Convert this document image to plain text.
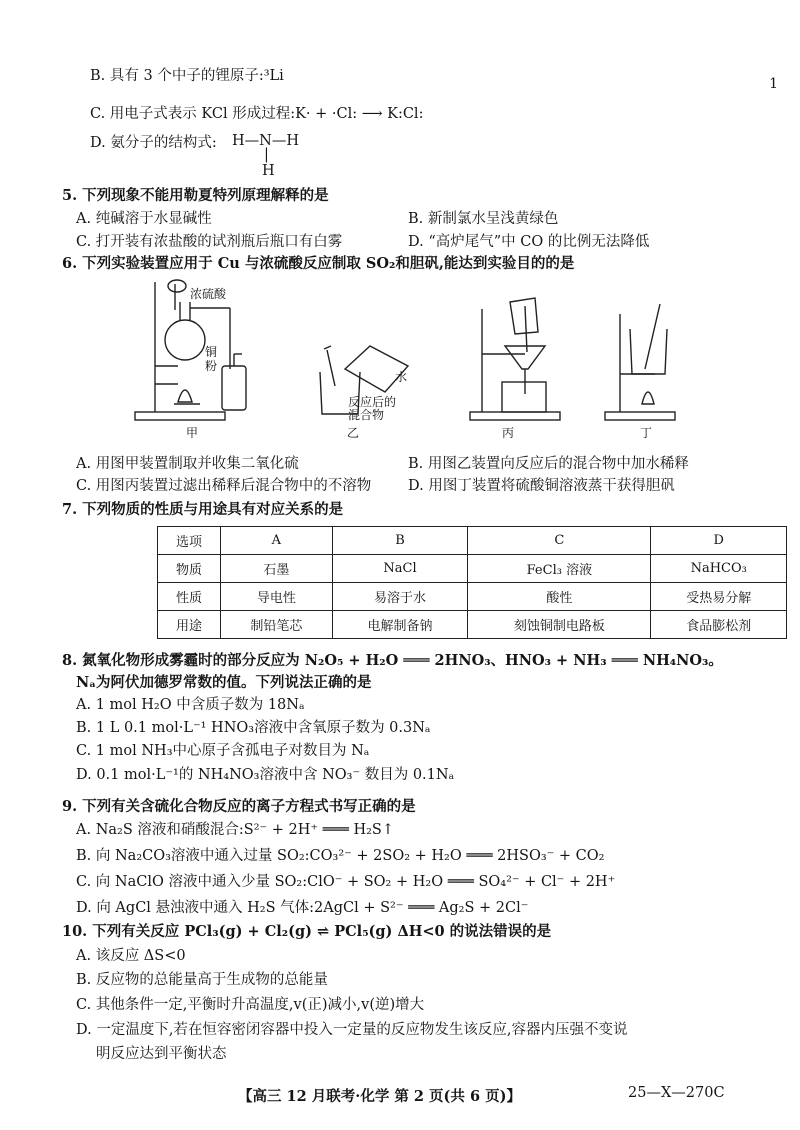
1
B. 具有 3 个中子的锂原子:³Li
C. 用电子式表示 KCl 形成过程:K· + ·Cl: ⟶ K:Cl:
D. 氨分子的结构式: H—N—H
|
H
5. 下列现象不能用勒夏特列原理解释的是
A. 纯碱溶于水显碱性	B. 新制氯水呈浅黄绿色
C. 打开装有浓盐酸的试剂瓶后瓶口有白雾	D. “高炉尾气”中 CO 的比例无法降低
6. 下列实验装置应用于 Cu 与浓硫酸反应制取 SO₂和胆矾,能达到实验目的的是
浓硫酸
铜粉
水
反应后的混合物
甲	乙	丙	丁
A. 用图甲装置制取并收集二氧化硫	B. 用图乙装置向反应后的混合物中加水稀释
C. 用图丙装置过滤出稀释后混合物中的不溶物	D. 用图丁装置将硫酸铜溶液蒸干获得胆矾
7. 下列物质的性质与用途具有对应关系的是
选项	A	B	C	D
物质	石墨	NaCl	FeCl₃ 溶液	NaHCO₃
性质	导电性	易溶于水	酸性	受热易分解
用途	制铅笔芯	电解制备钠	刻蚀铜制电路板	食品膨松剂
8. 氮氧化物形成雾霾时的部分反应为 N₂O₅ + H₂O ═══ 2HNO₃、HNO₃ + NH₃ ═══ NH₄NO₃。
Nₐ为阿伏加德罗常数的值。下列说法正确的是
A. 1 mol H₂O 中含质子数为 18Nₐ
B. 1 L 0.1 mol·L⁻¹ HNO₃溶液中含氧原子数为 0.3Nₐ
C. 1 mol NH₃中心原子含孤电子对数目为 Nₐ
D. 0.1 mol·L⁻¹的 NH₄NO₃溶液中含 NO₃⁻ 数目为 0.1Nₐ
9. 下列有关含硫化合物反应的离子方程式书写正确的是
A. Na₂S 溶液和硝酸混合:S²⁻ + 2H⁺ ═══ H₂S↑
B. 向 Na₂CO₃溶液中通入过量 SO₂:CO₃²⁻ + 2SO₂ + H₂O ═══ 2HSO₃⁻ + CO₂
C. 向 NaClO 溶液中通入少量 SO₂:ClO⁻ + SO₂ + H₂O ═══ SO₄²⁻ + Cl⁻ + 2H⁺
D. 向 AgCl 悬浊液中通入 H₂S 气体:2AgCl + S²⁻ ═══ Ag₂S + 2Cl⁻
10. 下列有关反应 PCl₃(g) + Cl₂(g) ⇌ PCl₅(g) ΔH<0 的说法错误的是
A. 该反应 ΔS<0
B. 反应物的总能量高于生成物的总能量
C. 其他条件一定,平衡时升高温度,v(正)减小,v(逆)增大
D. 一定温度下,若在恒容密闭容器中投入一定量的反应物发生该反应,容器内压强不变说
明反应达到平衡状态
【高三 12 月联考·化学 第 2 页(共 6 页)】	25—X—270C
